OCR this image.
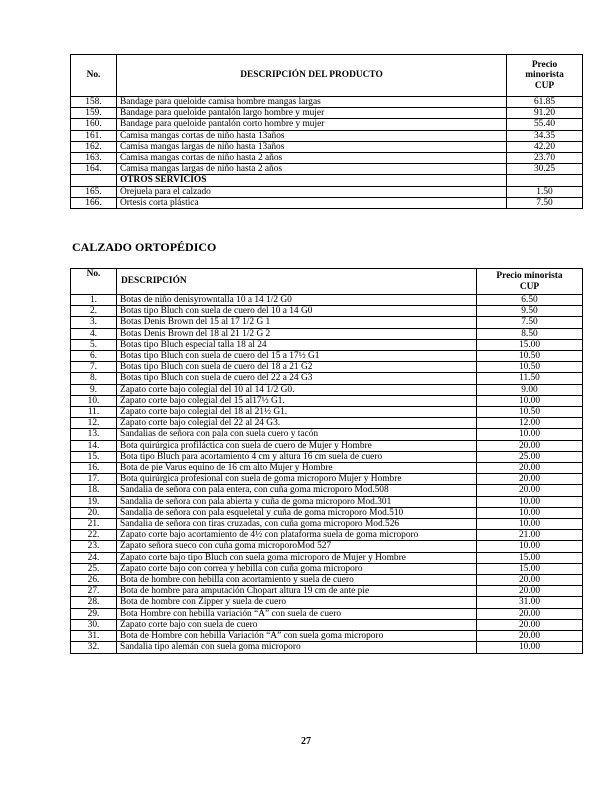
No.	DESCRIPCIÓN DEL PRODUCTO	Precio
minorista
CUP

158.	Bandage para queloide camisa hombre mangas largas	61.85
159.	Bandage para queloide pantalón largo hombre y mujer	91.20
160.	Bandage para queloide pantalón corto hombre y mujer	55.40
161.	Camisa mangas cortas de niño hasta 13años	34.35
162.	Camisa mangas largas de niño hasta 13años	42.20
163.	Camisa mangas cortas de niño hasta 2 años	23.70
164.	Camisa mangas largas de niño hasta 2 años	30.25
	OTROS SERVICIOS	
165.	Orejuela para el calzado	1.50
166.	Ortesis corta plástica	7.50
CALZADO ORTOPÉDICO
No.	DESCRIPCIÓN	Precio minorista
CUP

1.	Botas de niño denisyrowntalla 10 a 14 1/2 G0	6.50
2.	Botas tipo Bluch con suela de cuero del 10 a 14 G0	9.50
3.	Botas Denis Brown del 15 al 17 1/2 G 1	7.50
4.	Botas Denis Brown del 18 al 21 1/2 G 2	8.50
5.	Botas tipo Bluch especial talla 18 al 24	15.00
6.	Botas tipo Bluch con suela de cuero del 15 a 17½ G1	10.50
7.	Botas tipo Bluch con suela de cuero del 18 a 21 G2	10.50
8.	Botas tipo Bluch con suela de cuero del 22 a 24 G3	11.50
9.	Zapato corte bajo colegial del 10 al 14 1/2 G0.	9.00
10.	Zapato corte bajo colegial del 15 al17½ G1.	10.00
11.	Zapato corte bajo colegial del 18 al 21½ G1.	10.50
12.	Zapato corte bajo colegial del 22 al 24 G3.	12.00
13.	Sandalias de señora con pala con suela cuero y tacón	10.00
14.	Bota quirúrgica profiláctica con suela de cuero de Mujer y Hombre	20.00
15.	Bota tipo Bluch para acortamiento 4 cm y altura 16 cm suela de cuero	25.00
16.	Bota de pie Varus equino de 16 cm alto Mujer y Hombre	20.00
17.	Bota quirúrgica profesional con suela de goma microporo Mujer y Hombre	20.00
18.	Sandalia de señora con pala entera, con cuña goma microporo Mod.508	20.00
19.	Sandalia de señora con pala abierta y cuña de goma microporo Mod.301	10.00
20.	Sandalia de señora con pala esqueletal y cuña de goma microporo Mod.510	10.00
21.	Sandalia de señora con tiras cruzadas, con cuña goma microporo Mod.526	10.00
22.	Zapato corte bajo acortamiento de 4½ con plataforma suela de goma microporo	21.00
23.	Zapato señora sueco con cuña goma microporoMod 527	10.00
24.	Zapato corte bajo tipo Bluch con suela goma microporo de Mujer y Hombre	15.00
25.	Zapato corte bajo con correa y hebilla con cuña goma microporo	15.00
26.	Bota de hombre con hebilla con acortamiento y suela de cuero	20.00
27.	Bota de hombre para amputación Chopart altura 19 cm de ante pie	20.00
28.	Bota de hombre con Zipper y suela de cuero	31.00
29.	Bota Hombre con hebilla variación “A” con suela de cuero	20.00
30.	Zapato corte bajo con suela de cuero	20.00
31.	Bota de Hombre con hebilla Variación “A” con suela goma microporo	20.00
32.	Sandalia tipo alemán con suela goma microporo	10.00
27
